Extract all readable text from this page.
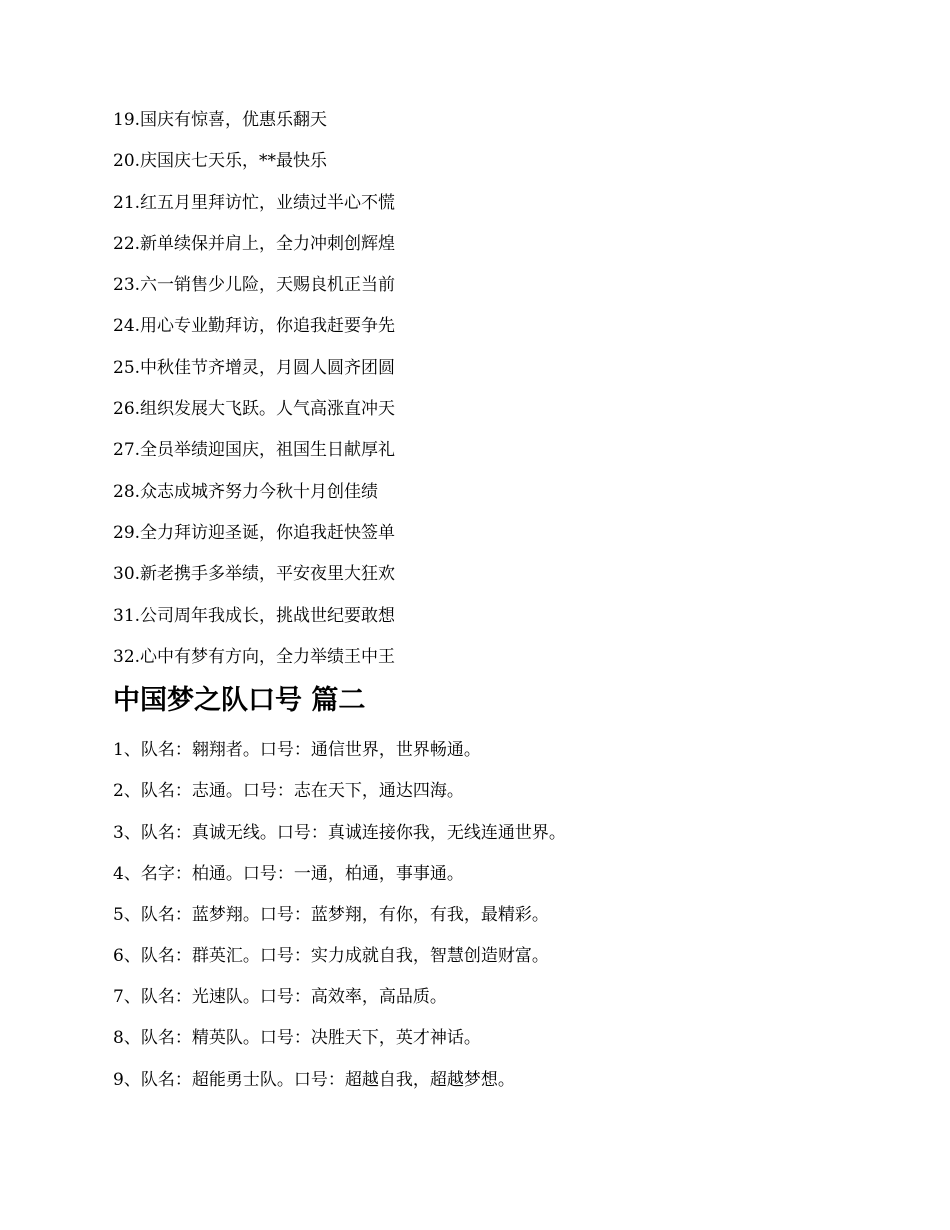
19.国庆有惊喜，优惠乐翻天
20.庆国庆七天乐，**最快乐
21.红五月里拜访忙，业绩过半心不慌
22.新单续保并肩上，全力冲刺创辉煌
23.六一销售少儿险，天赐良机正当前
24.用心专业勤拜访，你追我赶要争先
25.中秋佳节齐增灵，月圆人圆齐团圆
26.组织发展大飞跃。人气高涨直冲天
27.全员举绩迎国庆，祖国生日献厚礼
28.众志成城齐努力今秋十月创佳绩
29.全力拜访迎圣诞，你追我赶快签单
30.新老携手多举绩，平安夜里大狂欢
31.公司周年我成长，挑战世纪要敢想
32.心中有梦有方向，全力举绩王中王
中国梦之队口号 篇二
1、队名：翱翔者。口号：通信世界，世界畅通。
2、队名：志通。口号：志在天下，通达四海。
3、队名：真诚无线。口号：真诚连接你我，无线连通世界。
4、名字：柏通。口号：一通，柏通，事事通。
5、队名：蓝梦翔。口号：蓝梦翔，有你，有我，最精彩。
6、队名：群英汇。口号：实力成就自我，智慧创造财富。
7、队名：光速队。口号：高效率，高品质。
8、队名：精英队。口号：决胜天下，英才神话。
9、队名：超能勇士队。口号：超越自我，超越梦想。
